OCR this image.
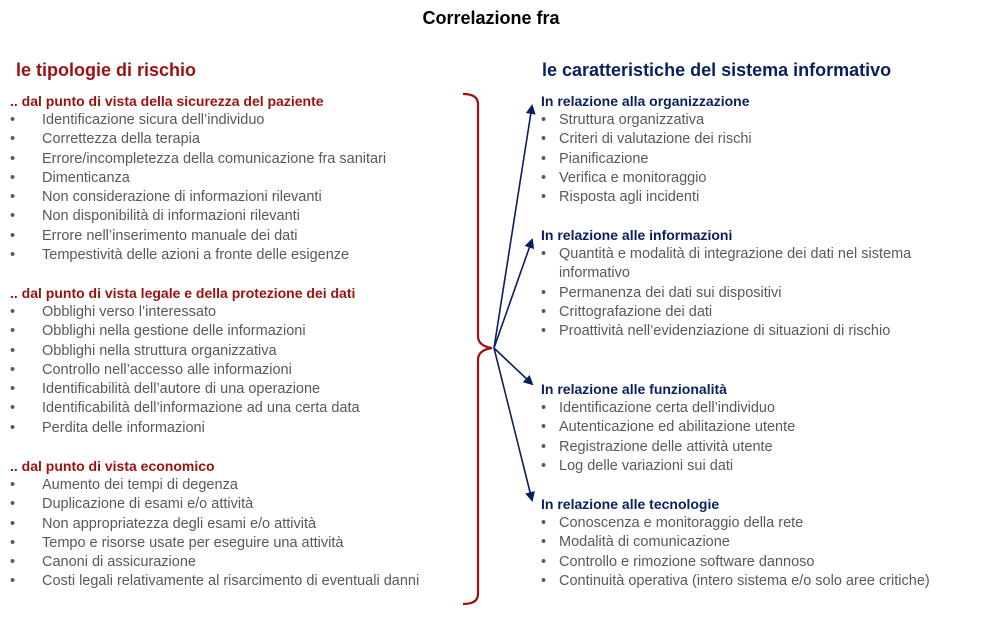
Correlazione fra
le tipologie di rischio	le caratteristiche del sistema informativo
.. dal punto di vista della sicurezza del paziente
• Identificazione sicura dell’individuo
• Correttezza della terapia
• Errore/incompletezza della comunicazione fra sanitari
• Dimenticanza
• Non considerazione di informazioni rilevanti
• Non disponibilità di informazioni rilevanti
• Errore nell’inserimento manuale dei dati
• Tempestività delle azioni a fronte delle esigenze
.. dal punto di vista legale e della protezione dei dati
• Obblighi verso l’interessato
• Obblighi nella gestione delle informazioni
• Obblighi nella struttura organizzativa
• Controllo nell’accesso alle informazioni
• Identificabilità dell’autore di una operazione
• Identificabilità dell’informazione ad una certa data
• Perdita delle informazioni
.. dal punto di vista economico
• Aumento dei tempi di degenza
• Duplicazione di esami e/o attività
• Non appropriatezza degli esami e/o attività
• Tempo e risorse usate per eseguire una attività
• Canoni di assicurazione
• Costi legali relativamente al risarcimento di eventuali danni
In relazione alla organizzazione
• Struttura organizzativa
• Criteri di valutazione dei rischi
• Pianificazione
• Verifica e monitoraggio
• Risposta agli incidenti
In relazione alle informazioni
• Quantità e modalità di integrazione dei dati nel sistema informativo
• Permanenza dei dati sui dispositivi
• Crittografazione dei dati
• Proattività nell’evidenziazione di situazioni di rischio
In relazione alle funzionalità
• Identificazione certa dell’individuo
• Autenticazione ed abilitazione utente
• Registrazione delle attività utente
• Log delle variazioni sui dati
In relazione alle tecnologie
• Conoscenza e monitoraggio della rete
• Modalità di comunicazione
• Controllo e rimozione software dannoso
• Continuità operativa (intero sistema e/o solo aree critiche)
